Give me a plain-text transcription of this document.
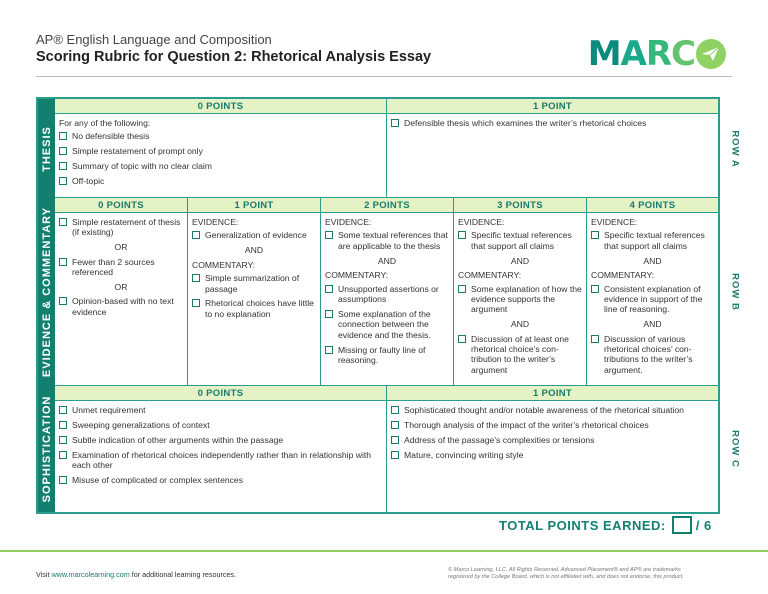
AP® English Language and Composition
Scoring Rubric for Question 2: Rhetorical Analysis Essay	M A R C
THESIS
EVIDENCE & COMMENTARY
SOPHISTICATION
ROW A
ROW B
ROW C
0 POINTS
For any of the following:
No defensible thesis
Simple restatement of prompt only
Summary of topic with no clear claim
Off-topic
1 POINT
Defensible thesis which examines the writer’s rhetorical choices
0 POINTS
Simple restatement of thesis (if existing)
OR
Fewer than 2 sources referenced
OR
Opinion-based with no text evidence
1 POINT
EVIDENCE:
Generalization of evidence
AND
COMMENTARY:
Simple summarization of passage
Rhetorical choices have little to no explanation
2 POINTS
EVIDENCE:
Some textual references that are applicable to the thesis
AND
COMMENTARY:
Unsupported assertions or assumptions
Some explanation of the connection between the evidence and the thesis.
Missing or faulty line of reasoning.
3 POINTS
EVIDENCE:
Specific textual references that support all claims
AND
COMMENTARY:
Some explanation of how the evidence supports the argument
AND
Discussion of at least one rhetorical choice’s con-tribution to the writer’s argument
4 POINTS
EVIDENCE:
Specific textual references that support all claims
AND
COMMENTARY:
Consistent explanation of evidence in support of the line of reasoning.
AND
Discussion of various rhetorical choices’ con-tributions to the writer’s argument.
0 POINTS
Unmet requirement
Sweeping generalizations of context
Subtle indication of other arguments within the passage
Examination of rhetorical choices independently rather than in relationship with each other
Misuse of complicated or complex sentences
1 POINT
Sophisticated thought and/or notable awareness of the rhetorical situation
Thorough analysis of the impact of the writer’s rhetorical choices
Address of the passage’s complexities or tensions
Mature, convincing writing style
TOTAL POINTS EARNED: / 6
Visit www.marcolearning.com for additional learning resources.	© Marco Learning, LLC. All Rights Reserved. Advanced Placement® and AP® are trademarks
registered by the College Board, which is not affiliated with, and does not endorse, this product.
